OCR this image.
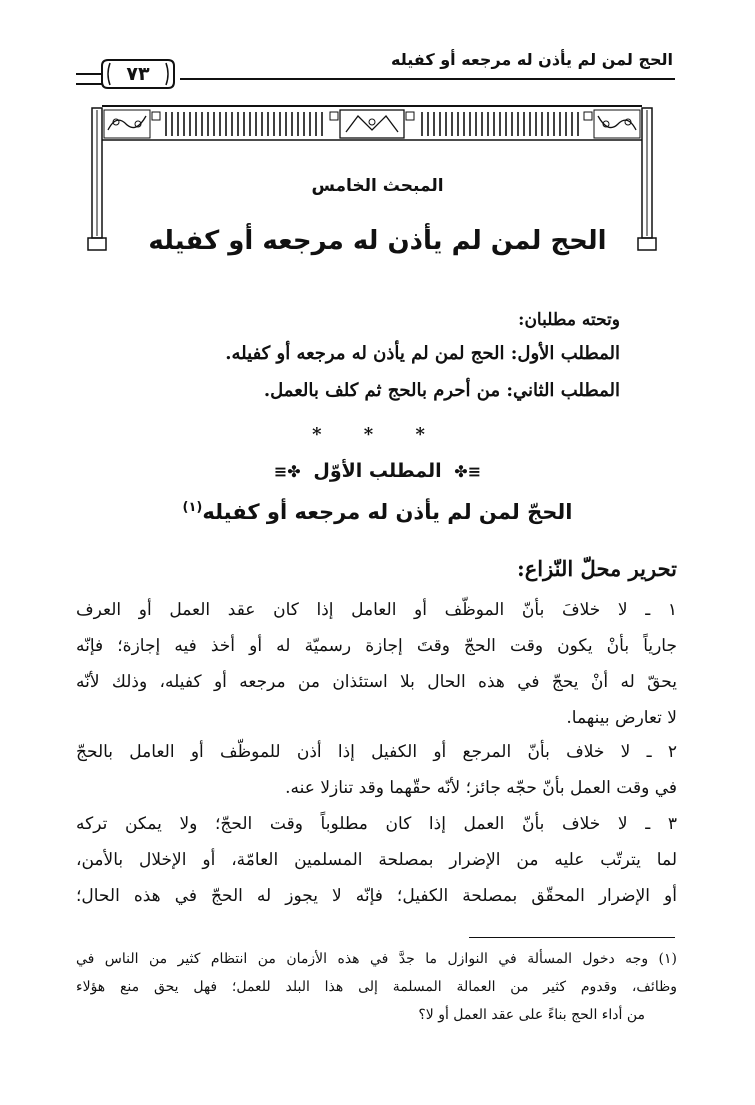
الحج لمن لم يأذن له مرجعه أو كفيله
٧٣
المبحث الخامس
الحج لمن لم يأذن له مرجعه أو كفيله
وتحته مطلبان:
المطلب الأول: الحج لمن لم يأذن له مرجعه أو كفيله.
المطلب الثاني: من أحرم بالحج ثم كلف بالعمل.
* * *
≡✤ المطلب الأوّل ✤≡
الحجّ لمن لم يأذن له مرجعه أو كفيله$^{(١)}$
تحرير محلّ النّزاع:
١ ـ لا خلافَ بأنّ الموظّف أو العامل إذا كان عقد العمل أو العرف
جارياً بأنْ يكون وقت الحجّ وقتَ إجازة رسميّة له أو أخذ فيه إجازة؛ فإنّه
يحقّ له أنْ يحجّ في هذه الحال بلا استئذان من مرجعه أو كفيله، وذلك لأنّه
لا تعارض بينهما.
٢ ـ لا خلاف بأنّ المرجع أو الكفيل إذا أذن للموظّف أو العامل بالحجّ
في وقت العمل بأنّ حجّه جائز؛ لأنّه حقّهما وقد تنازلا عنه.
٣ ـ لا خلاف بأنّ العمل إذا كان مطلوباً وقت الحجّ؛ ولا يمكن تركه
لما يترتّب عليه من الإضرار بمصلحة المسلمين العامّة، أو الإخلال بالأمن،
أو الإضرار المحقّق بمصلحة الكفيل؛ فإنّه لا يجوز له الحجّ في هذه الحال؛
(١) وجه دخول المسألة في النوازل ما جدَّ في هذه الأزمان من انتظام كثير من الناس في
وظائف، وقدوم كثير من العمالة المسلمة إلى هذا البلد للعمل؛ فهل يحق منع هؤلاء
من أداء الحج بناءً على عقد العمل أو لا؟
